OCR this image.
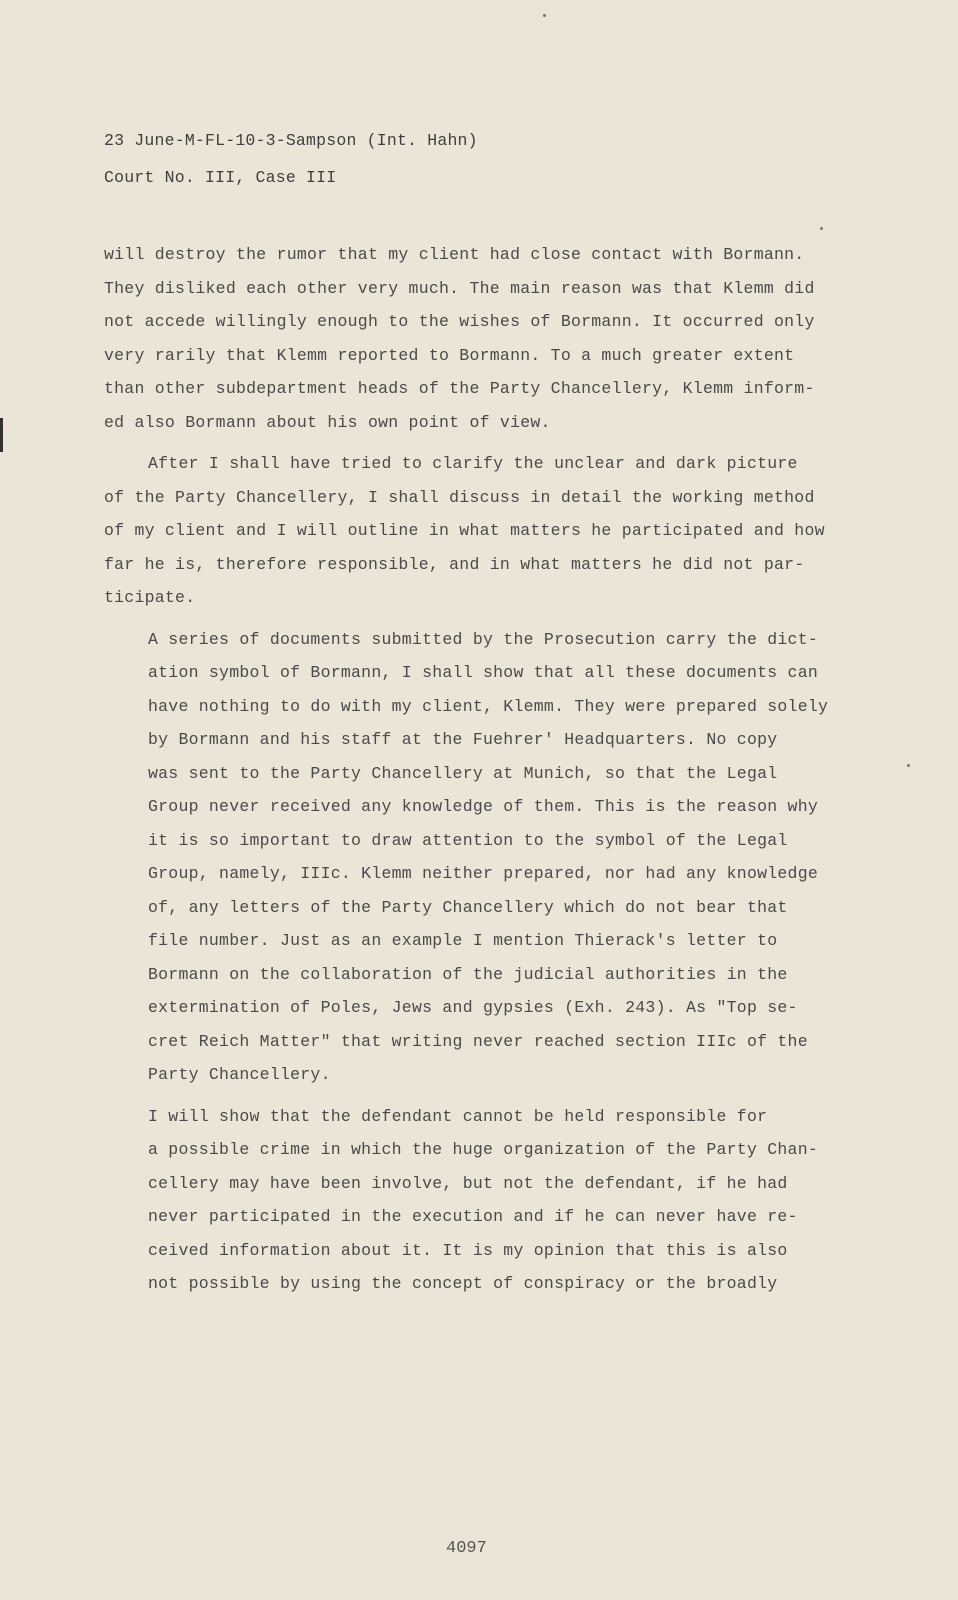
23 June-M-FL-10-3-Sampson (Int. Hahn)
Court No. III, Case III
will destroy the rumor that my client had close contact with Bormann.
They disliked each other very much. The main reason was that Klemm did
not accede willingly enough to the wishes of Bormann. It occurred only
very rarily that Klemm reported to Bormann. To a much greater extent
than other subdepartment heads of the Party Chancellery, Klemm inform-
ed also Bormann about his own point of view.
After I shall have tried to clarify the unclear and dark picture
of the Party Chancellery, I shall discuss in detail the working method
of my client and I will outline in what matters he participated and how
far he is, therefore responsible, and in what matters he did not par-
ticipate.
A series of documents submitted by the Prosecution carry the dict-
ation symbol of Bormann, I shall show that all these documents can
have nothing to do with my client, Klemm. They were prepared solely
by Bormann and his staff at the Fuehrer' Headquarters. No copy
was sent to the Party Chancellery at Munich, so that the Legal
Group never received any knowledge of them. This is the reason why
it is so important to draw attention to the symbol of the Legal
Group, namely, IIIc. Klemm neither prepared, nor had any knowledge
of, any letters of the Party Chancellery which do not bear that
file number. Just as an example I mention Thierack's letter to
Bormann on the collaboration of the judicial authorities in the
extermination of Poles, Jews and gypsies (Exh. 243). As "Top se-
cret Reich Matter" that writing never reached section IIIc of the
Party Chancellery.
I will show that the defendant cannot be held responsible for
a possible crime in which the huge organization of the Party Chan-
cellery may have been involve, but not the defendant, if he had
never participated in the execution and if he can never have re-
ceived information about it. It is my opinion that this is also
not possible by using the concept of conspiracy or the broadly
4097
